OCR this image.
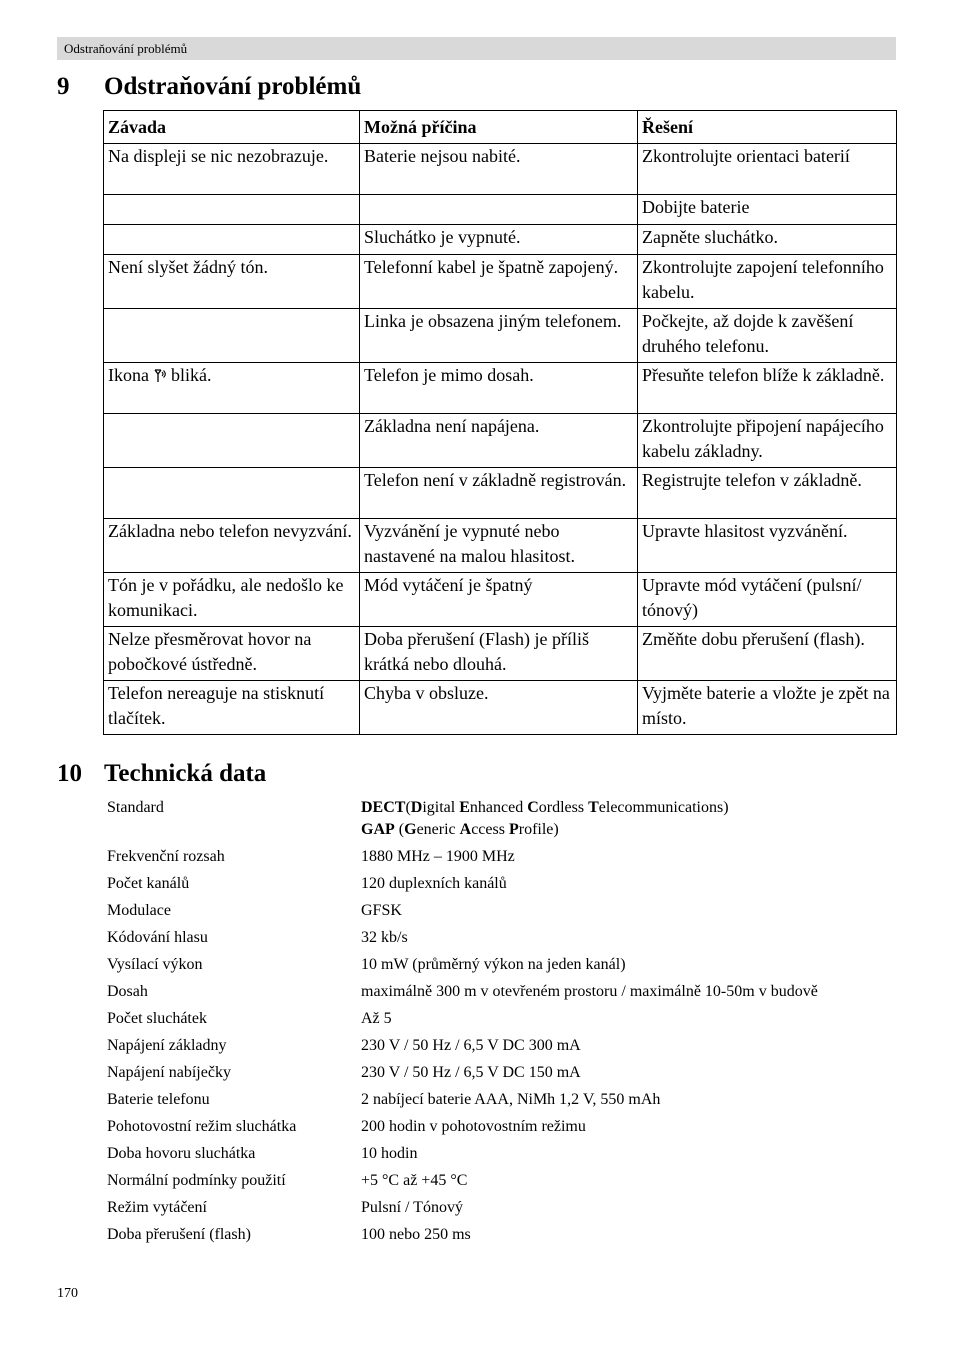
Odstraňování problémů
9 Odstraňování problémů
Závada	Možná příčina	Řešení
Na displeji se nic nezobrazuje.	Baterie nejsou nabité.	Zkontrolujte orientaci baterií
		Dobijte baterie
	Sluchátko je vypnuté.	Zapněte sluchátko.
Není slyšet žádný tón.	Telefonní kabel je špatně zapojený.	Zkontrolujte zapojení telefonního kabelu.
	Linka je obsazena jiným telefonem.	Počkejte, až dojde k zavěšení druhého telefonu.
Ikona bliká.	Telefon je mimo dosah.	Přesuňte telefon blíže k základně.
	Základna není napájena.	Zkontrolujte připojení napájecího kabelu základny.
	Telefon není v základně registrován.	Registrujte telefon v základně.
Základna nebo telefon nevyzvání.	Vyzvánění je vypnuté nebo nastavené na malou hlasitost.	Upravte hlasitost vyzvánění.
Tón je v pořádku, ale nedošlo ke komunikaci.	Mód vytáčení je špatný	Upravte mód vytáčení (pulsní/ tónový)
Nelze přesměrovat hovor na pobočkové ústředně.	Doba přerušení (Flash) je příliš krátká nebo dlouhá.	Změňte dobu přerušení (flash).
Telefon nereaguje na stisknutí tlačítek.	Chyba v obsluze.	Vyjměte baterie a vložte je zpět na místo.
10 Technická data
Standard	DECT(Digital Enhanced Cordless Telecommunications)
GAP (Generic Access Profile)
Frekvenční rozsah	1880 MHz – 1900 MHz
Počet kanálů	120 duplexních kanálů
Modulace	GFSK
Kódování hlasu	32 kb/s
Vysílací výkon	10 mW (průměrný výkon na jeden kanál)
Dosah	maximálně 300 m v otevřeném prostoru / maximálně 10-50m v budově
Počet sluchátek	Až 5
Napájení základny	230 V / 50 Hz / 6,5 V DC 300 mA
Napájení nabíječky	230 V / 50 Hz / 6,5 V DC 150 mA
Baterie telefonu	2 nabíjecí baterie AAA, NiMh 1,2 V, 550 mAh
Pohotovostní režim sluchátka	200 hodin v pohotovostním režimu
Doba hovoru sluchátka	10 hodin
Normální podmínky použití	+5 °C až +45 °C
Režim vytáčení	Pulsní / Tónový
Doba přerušení (flash)	100 nebo 250 ms
170
